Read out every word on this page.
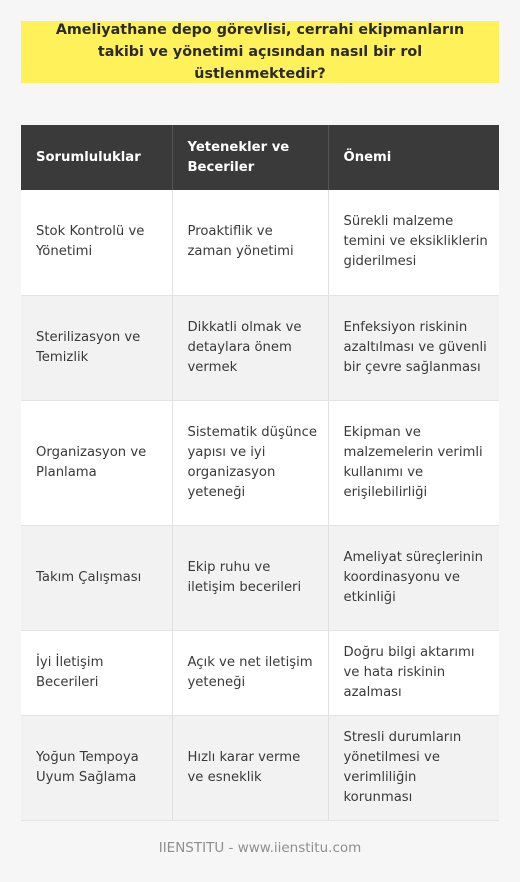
Ameliyathane depo görevlisi, cerrahi ekipmanların takibi ve yönetimi açısından nasıl bir rol üstlenmektedir?
Sorumluluklar	Yetenekler ve Beceriler	Önemi
Stok Kontrolü ve Yönetimi	Proaktiflik ve zaman yönetimi	Sürekli malzeme temini ve eksikliklerin giderilmesi
Sterilizasyon ve Temizlik	Dikkatli olmak ve detaylara önem vermek	Enfeksiyon riskinin azaltılması ve güvenli bir çevre sağlanması
Organizasyon ve Planlama	Sistematik düşünce yapısı ve iyi organizasyon yeteneği	Ekipman ve malzemelerin verimli kullanımı ve erişilebilirliği
Takım Çalışması	Ekip ruhu ve iletişim becerileri	Ameliyat süreçlerinin koordinasyonu ve etkinliği
İyi İletişim Becerileri	Açık ve net iletişim yeteneği	Doğru bilgi aktarımı ve hata riskinin azalması
Yoğun Tempoya Uyum Sağlama	Hızlı karar verme ve esneklik	Stresli durumların yönetilmesi ve verimliliğin korunması
IIENSTITU - www.iienstitu.com
